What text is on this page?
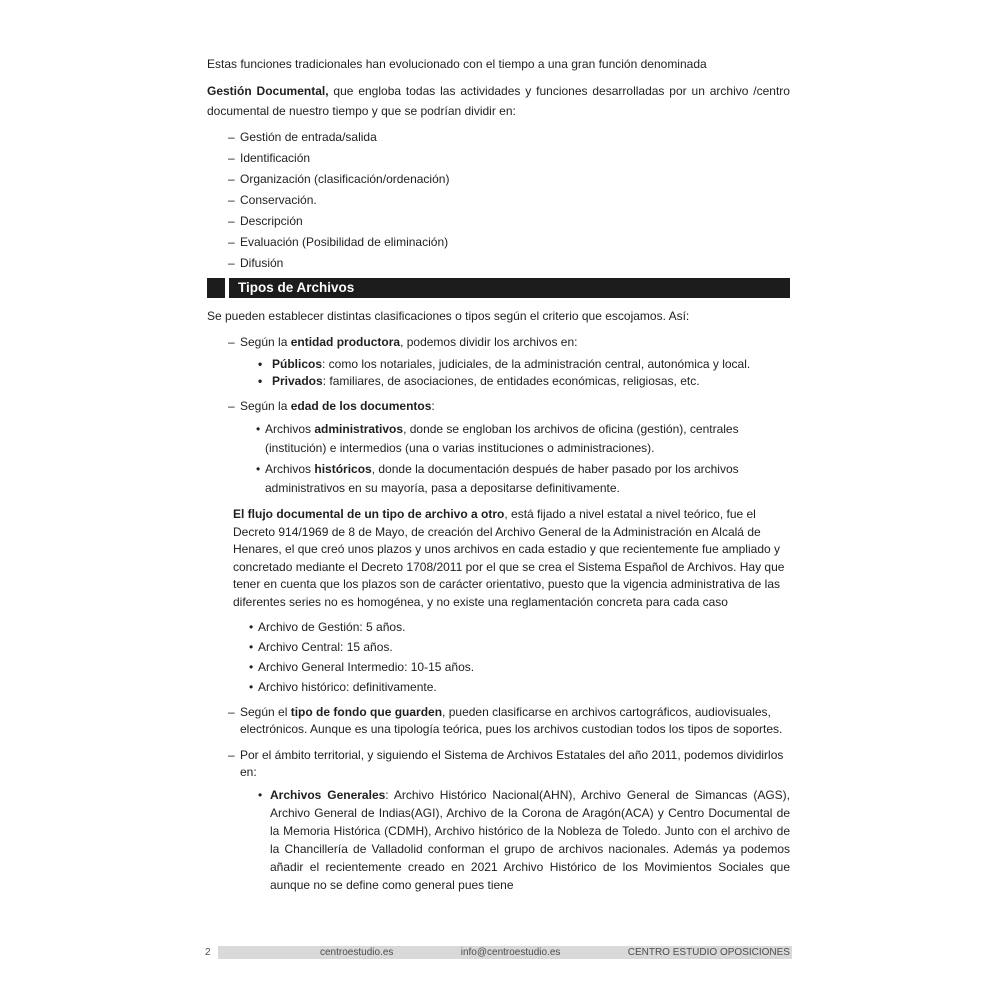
Estas funciones tradicionales han evolucionado con el tiempo a una gran función denominada
Gestión Documental, que engloba todas las actividades y funciones desarrolladas por un archivo /centro documental de nuestro tiempo y que se podrían dividir en:
– Gestión de entrada/salida
– Identificación
– Organización (clasificación/ordenación)
– Conservación.
– Descripción
– Evaluación (Posibilidad de eliminación)
– Difusión
Tipos de Archivos
Se pueden establecer distintas clasificaciones o tipos según el criterio que escojamos. Así:
– Según la entidad productora, podemos dividir los archivos en:
• Públicos: como los notariales, judiciales, de la administración central, autonómica y local.
• Privados: familiares, de asociaciones, de entidades económicas, religiosas, etc.
– Según la edad de los documentos:
• Archivos administrativos, donde se engloban los archivos de oficina (gestión), centrales (institución) e intermedios (una o varias instituciones o administraciones).
• Archivos históricos, donde la documentación después de haber pasado por los archivos administrativos en su mayoría, pasa a depositarse definitivamente.
El flujo documental de un tipo de archivo a otro, está fijado a nivel estatal a nivel teórico, fue el Decreto 914/1969 de 8 de Mayo, de creación del Archivo General de la Administración en Alcalá de Henares, el que creó unos plazos y unos archivos en cada estadio y que recientemente fue ampliado y concretado mediante el Decreto 1708/2011 por el que se crea el Sistema Español de Archivos. Hay que tener en cuenta que los plazos son de carácter orientativo, puesto que la vigencia administrativa de las diferentes series no es homogénea, y no existe una reglamentación concreta para cada caso
• Archivo de Gestión: 5 años.
• Archivo Central: 15 años.
• Archivo General Intermedio: 10-15 años.
• Archivo histórico: definitivamente.
– Según el tipo de fondo que guarden, pueden clasificarse en archivos cartográficos, audiovisuales, electrónicos. Aunque es una tipología teórica, pues los archivos custodian todos los tipos de soportes.
– Por el ámbito territorial, y siguiendo el Sistema de Archivos Estatales del año 2011, podemos dividirlos en:
• Archivos Generales: Archivo Histórico Nacional(AHN), Archivo General de Simancas (AGS), Archivo General de Indias(AGI), Archivo de la Corona de Aragón(ACA) y Centro Documental de la Memoria Histórica (CDMH), Archivo histórico de la Nobleza de Toledo. Junto con el archivo de la Chancillería de Valladolid conforman el grupo de archivos nacionales. Además ya podemos añadir el recientemente creado en 2021 Archivo Histórico de los Movimientos Sociales que aunque no se define como general pues tiene
2	centroestudio.es	info@centroestudio.es	CENTRO ESTUDIO OPOSICIONES
